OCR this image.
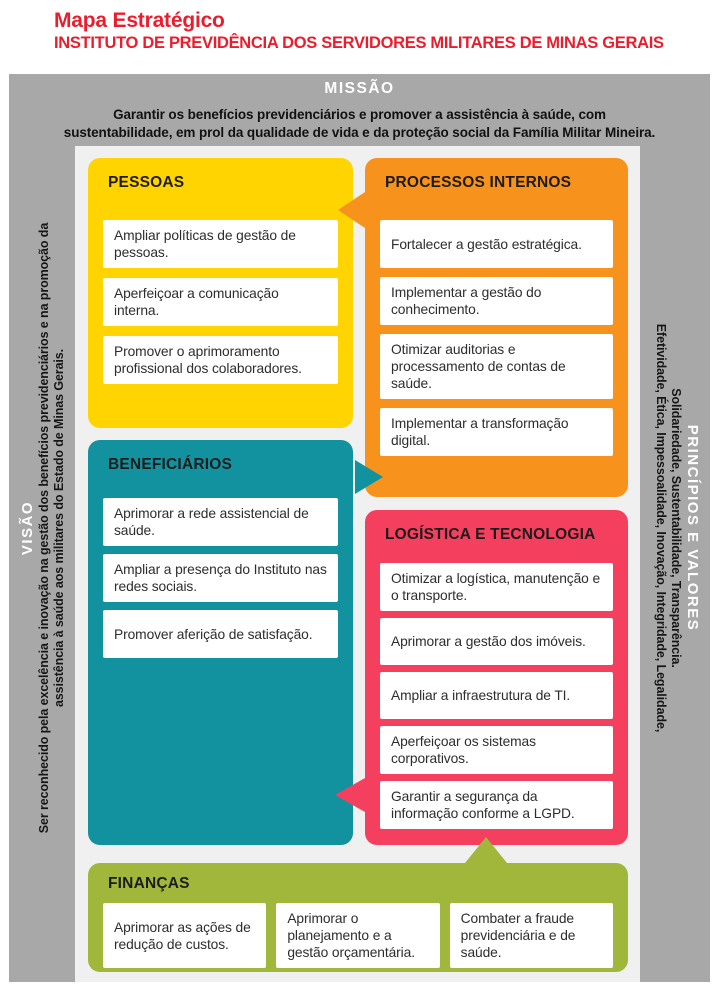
Mapa Estratégico
INSTITUTO DE PREVIDÊNCIA DOS SERVIDORES MILITARES DE MINAS GERAIS
MISSÃO
Garantir os benefícios previdenciários e promover a assistência à saúde, com
sustentabilidade, em prol da qualidade de vida e da proteção social da Família Militar Mineira.
VISÃO Ser reconhecido pela excelência e inovação na gestão dos benefícios previdenciários e na promoção da assistência à saúde aos militares do Estado de Minas Gerais.	PRINCÍPIOS E VALORES
Solidariedade, Sustentabilidade, Transparência.
Efetividade, Ética, Impessoalidade, Inovação, Integridade, Legalidade,
PESSOAS
Ampliar políticas de gestão de pessoas.
Aperfeiçoar a comunicação interna.
Promover o aprimoramento profissional dos colaboradores.
PROCESSOS INTERNOS
Fortalecer a gestão estratégica.
Implementar a gestão do conhecimento.
Otimizar auditorias e processamento de contas de saúde.
Implementar a transformação digital.
BENEFICIÁRIOS
Aprimorar a rede assistencial de saúde.
Ampliar a presença do Instituto nas redes sociais.
Promover aferição de satisfação.
LOGÍSTICA E TECNOLOGIA
Otimizar a logística, manutenção e o transporte.
Aprimorar a gestão dos imóveis.
Ampliar a infraestrutura de TI.
Aperfeiçoar os sistemas corporativos.
Garantir a segurança da informação conforme a LGPD.
FINANÇAS
Aprimorar as ações de redução de custos.
Aprimorar o planejamento e a gestão orçamentária.
Combater a fraude previdenciária e de saúde.
